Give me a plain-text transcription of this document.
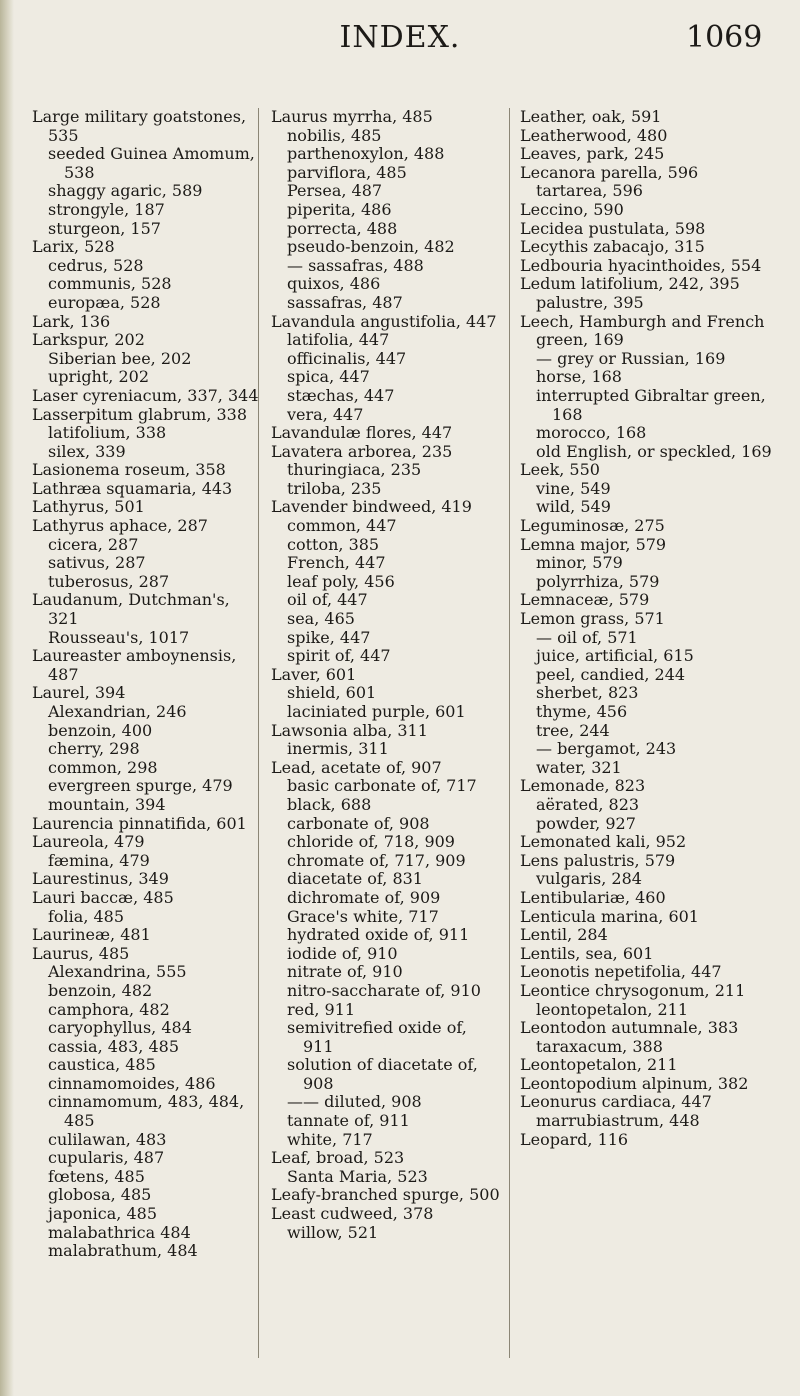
INDEX.	1069
Large military goatstones, 535
seeded Guinea Amomum, 538
shaggy agaric, 589
strongyle, 187
sturgeon, 157
Larix, 528
cedrus, 528
communis, 528
europæa, 528
Lark, 136
Larkspur, 202
Siberian bee, 202
upright, 202
Laser cyreniacum, 337, 344
Lasserpitum glabrum, 338
latifolium, 338
silex, 339
Lasionema roseum, 358
Lathræa squamaria, 443
Lathyrus, 501
Lathyrus aphace, 287
cicera, 287
sativus, 287
tuberosus, 287
Laudanum, Dutchman's, 321
Rousseau's, 1017
Laureaster amboynensis, 487
Laurel, 394
Alexandrian, 246
benzoin, 400
cherry, 298
common, 298
evergreen spurge, 479
mountain, 394
Laurencia pinnatifida, 601
Laureola, 479
fæmina, 479
Laurestinus, 349
Lauri baccæ, 485
folia, 485
Laurineæ, 481
Laurus, 485
Alexandrina, 555
benzoin, 482
camphora, 482
caryophyllus, 484
cassia, 483, 485
caustica, 485
cinnamomoides, 486
cinnamomum, 483, 484, 485
culilawan, 483
cupularis, 487
fœtens, 485
globosa, 485
japonica, 485
malabathrica 484
malabrathum, 484
Laurus myrrha, 485
nobilis, 485
parthenoxylon, 488
parviflora, 485
Persea, 487
piperita, 486
porrecta, 488
pseudo-benzoin, 482
— sassafras, 488
quixos, 486
sassafras, 487
Lavandula angustifolia, 447
latifolia, 447
officinalis, 447
spica, 447
stæchas, 447
vera, 447
Lavandulæ flores, 447
Lavatera arborea, 235
thuringiaca, 235
triloba, 235
Lavender bindweed, 419
common, 447
cotton, 385
French, 447
leaf poly, 456
oil of, 447
sea, 465
spike, 447
spirit of, 447
Laver, 601
shield, 601
laciniated purple, 601
Lawsonia alba, 311
inermis, 311
Lead, acetate of, 907
basic carbonate of, 717
black, 688
carbonate of, 908
chloride of, 718, 909
chromate of, 717, 909
diacetate of, 831
dichromate of, 909
Grace's white, 717
hydrated oxide of, 911
iodide of, 910
nitrate of, 910
nitro-saccharate of, 910
red, 911
semivitrefied oxide of, 911
solution of diacetate of, 908
—— diluted, 908
tannate of, 911
white, 717
Leaf, broad, 523
Santa Maria, 523
Leafy-branched spurge, 500
Least cudweed, 378
willow, 521
Leather, oak, 591
Leatherwood, 480
Leaves, park, 245
Lecanora parella, 596
tartarea, 596
Leccino, 590
Lecidea pustulata, 598
Lecythis zabacajo, 315
Ledbouria hyacinthoides, 554
Ledum latifolium, 242, 395
palustre, 395
Leech, Hamburgh and French green, 169
— grey or Russian, 169
horse, 168
interrupted Gibraltar green, 168
morocco, 168
old English, or speckled, 169
Leek, 550
vine, 549
wild, 549
Leguminosæ, 275
Lemna major, 579
minor, 579
polyrrhiza, 579
Lemnaceæ, 579
Lemon grass, 571
— oil of, 571
juice, artificial, 615
peel, candied, 244
sherbet, 823
thyme, 456
tree, 244
— bergamot, 243
water, 321
Lemonade, 823
aërated, 823
powder, 927
Lemonated kali, 952
Lens palustris, 579
vulgaris, 284
Lentibulariæ, 460
Lenticula marina, 601
Lentil, 284
Lentils, sea, 601
Leonotis nepetifolia, 447
Leontice chrysogonum, 211
leontopetalon, 211
Leontodon autumnale, 383
taraxacum, 388
Leontopetalon, 211
Leontopodium alpinum, 382
Leonurus cardiaca, 447
marrubiastrum, 448
Leopard, 116
